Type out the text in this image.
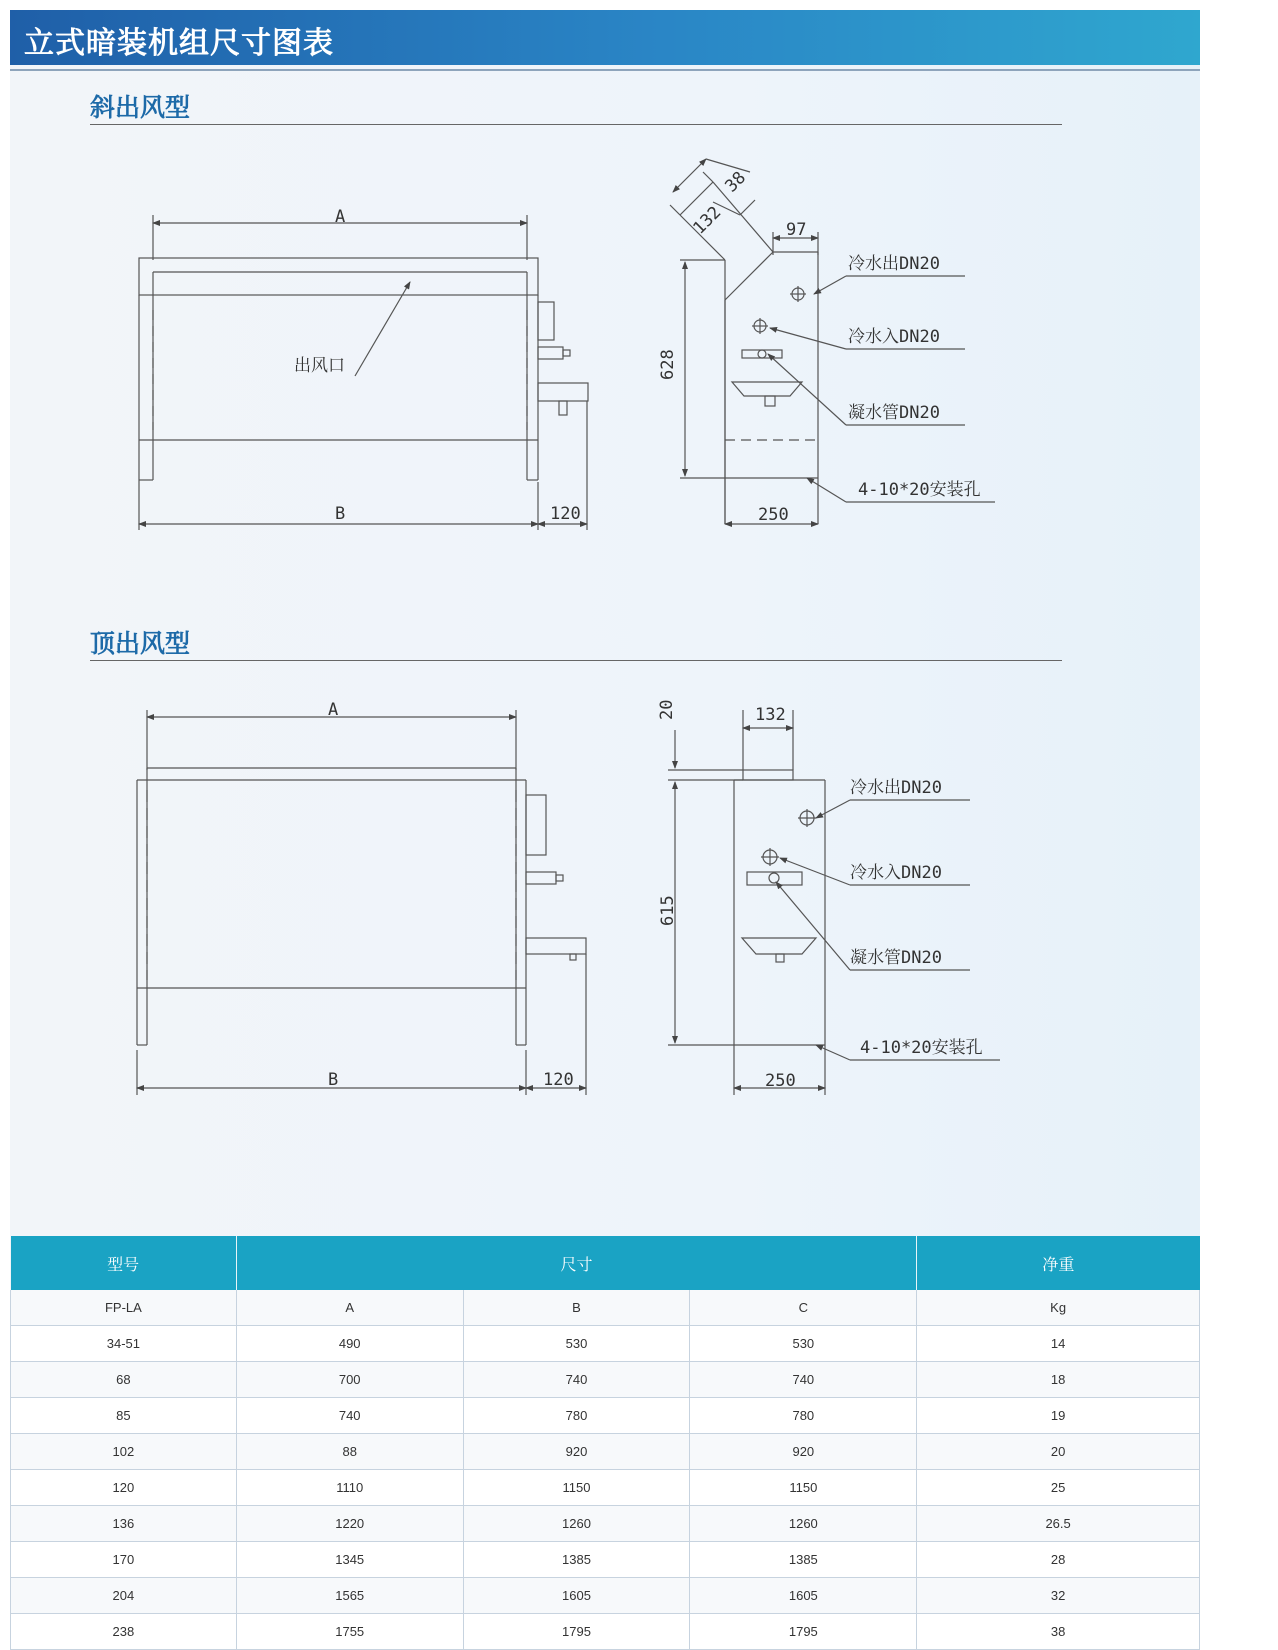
立式暗装机组尺寸图表
斜出风型
顶出风型
A
B	120
出风口
132
38
97
628
250
冷水出DN20
冷水入DN20
凝水管DN20
4-10*20安装孔
A
B	120
20	132
615
250
冷水出DN20
冷水入DN20
凝水管DN20
4-10*20安装孔
型号	尺寸			净重
FP-LA	A	B	C	Kg
34-51	490	530	530	14
68	700	740	740	18
85	740	780	780	19
102	88	920	920	20
120	1110	1150	1150	25
136	1220	1260	1260	26.5
170	1345	1385	1385	28
204	1565	1605	1605	32
238	1755	1795	1795	38
